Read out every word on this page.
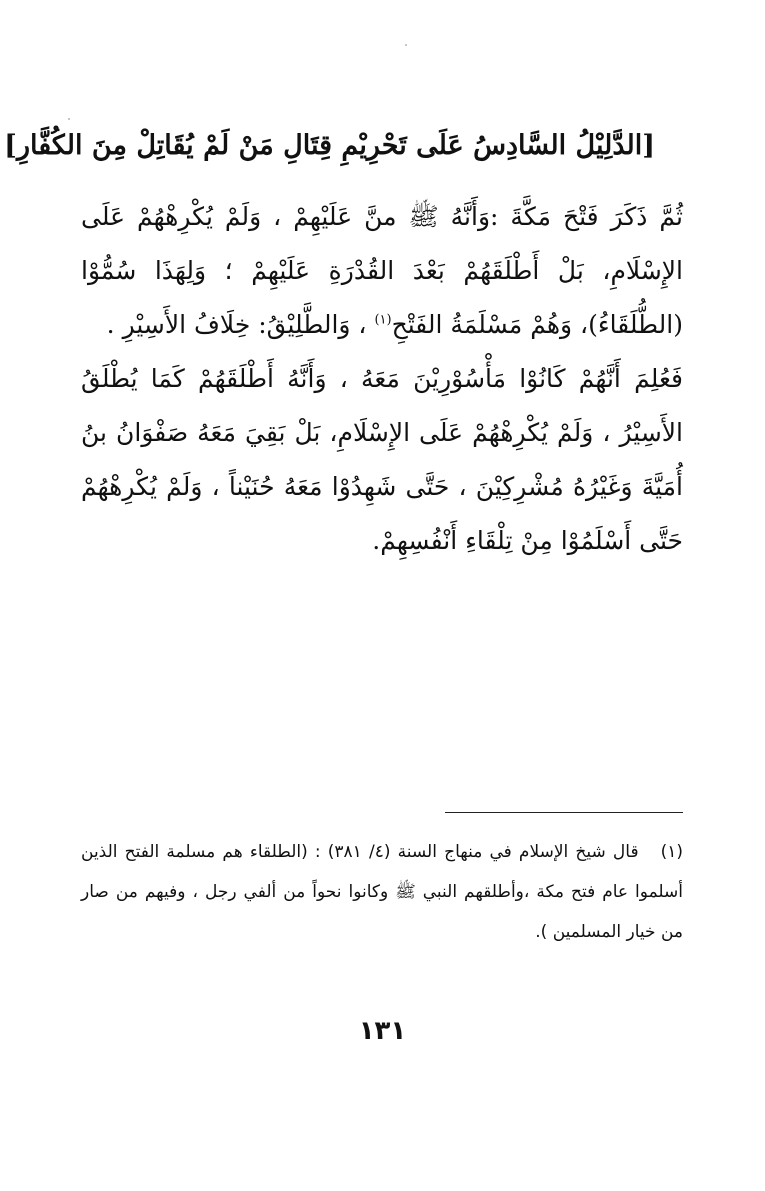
[الدَّلِيْلُ السَّادِسُ عَلَى تَحْرِيْمِ قِتَالِ مَنْ لَمْ يُقَاتِلْ مِنَ الكُفَّارِ]

ثُمَّ ذَكَرَ فَتْحَ مَكَّةَ :وَأَنَّهُ ﷺ منَّ عَلَيْهِمْ ، وَلَمْ يُكْرِهْهُمْ عَلَى الإِسْلَامِ، بَلْ أَطْلَقَهُمْ بَعْدَ القُدْرَةِ عَلَيْهِمْ ؛ وَلِهَذَا سُمُّوْا (الطُّلَقَاءُ)، وَهُمْ مَسْلَمَةُ الفَتْحِ$^{(١)}$ ، وَالطَّلِيْقُ: خِلَافُ الأَسِيْرِ .

فَعُلِمَ أَنَّهُمْ كَانُوْا مَأْسُوْرِيْنَ مَعَهُ ، وَأَنَّهُ أَطْلَقَهُمْ كَمَا يُطْلَقُ الأَسِيْرُ ، وَلَمْ يُكْرِهْهُمْ عَلَى الإِسْلَامِ، بَلْ بَقِيَ مَعَهُ صَفْوَانُ بنُ أُمَيَّةَ وَغَيْرُهُ مُشْرِكِيْنَ ، حَتَّى شَهِدُوْا مَعَهُ حُنَيْناً ، وَلَمْ يُكْرِهْهُمْ حَتَّى أَسْلَمُوْا مِنْ تِلْقَاءِ أَنْفُسِهِمْ.

(١)قال شيخ الإسلام في منهاج السنة (٤/ ٣٨١) : (الطلقاء هم مسلمة الفتح الذين أسلموا عام فتح مكة ،وأطلقهم النبي ﷺ وكانوا نحواً من ألفي رجل ، وفيهم من صار من خيار المسلمين ).

١٣١
